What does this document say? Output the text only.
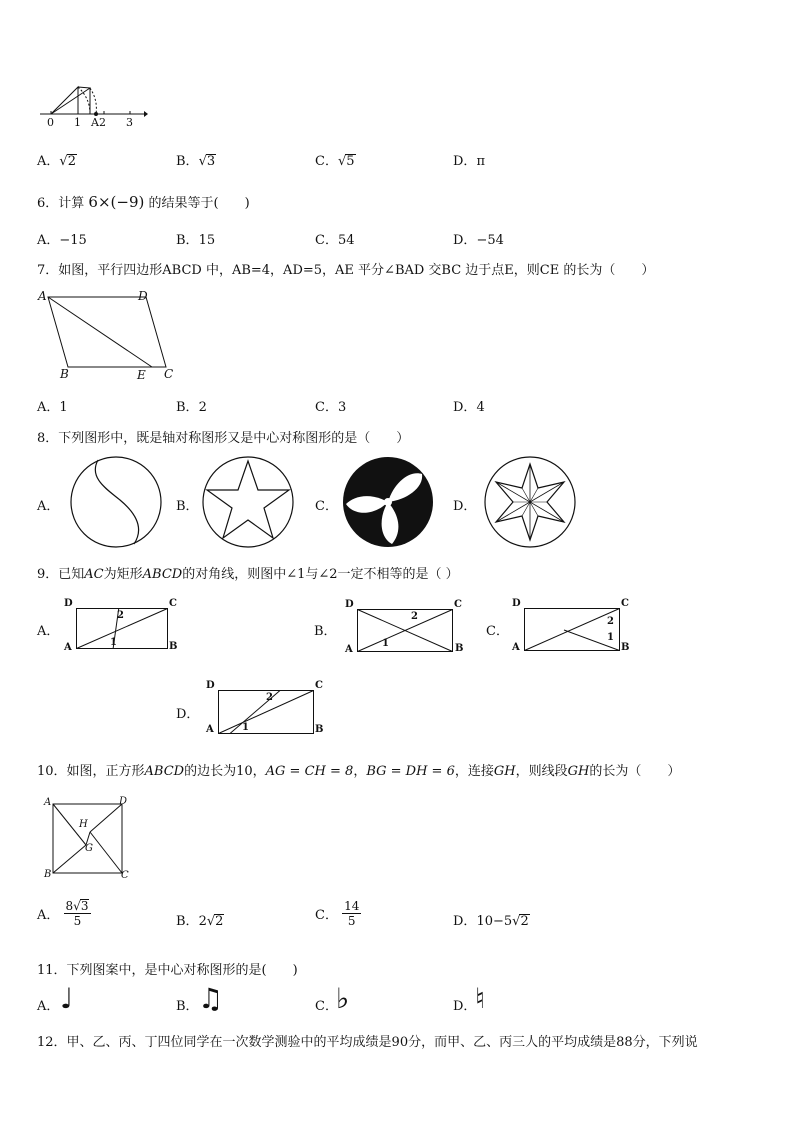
0 1 A2 3
A．√2	B．√3	C．√5	D．π
6．计算 6×(−9) 的结果等于(　　)
A．−15	B．15	C．54	D．−54
7．如图，平行四边形ABCD 中，AB=4，AD=5，AE 平分∠BAD 交BC 边于点E，则CE 的长为（　　）
A	D
B	E C
A．1	B．2	C．3	D．4
8．下列图形中，既是轴对称图形又是中心对称图形的是（　　）
A．	B．	C．	D．
9．已知AC为矩形ABCD的对角线，则图中∠1与∠2一定不相等的是（ ）
A．
D	C
A	B
2
1
B．
D	C
A	B
2
1
C．
D	C
A	B
2
1
D．
D	C
A	B
2
1
10．如图，正方形ABCD的边长为10，AG = CH = 8，BG = DH = 6，连接GH，则线段GH的长为（　　）
A	D
B	C
H
G
A． $\frac{8√3}{5}$	B．2√2	C． $\frac{14}{5}$	D．10−5√2
11．下列图案中，是中心对称图形的是(　　)
A． ♩	B． ♫	C．
♭	D．
♮
12．甲、乙、丙、丁四位同学在一次数学测验中的平均成绩是90分，而甲、乙、丙三人的平均成绩是88分，下列说
